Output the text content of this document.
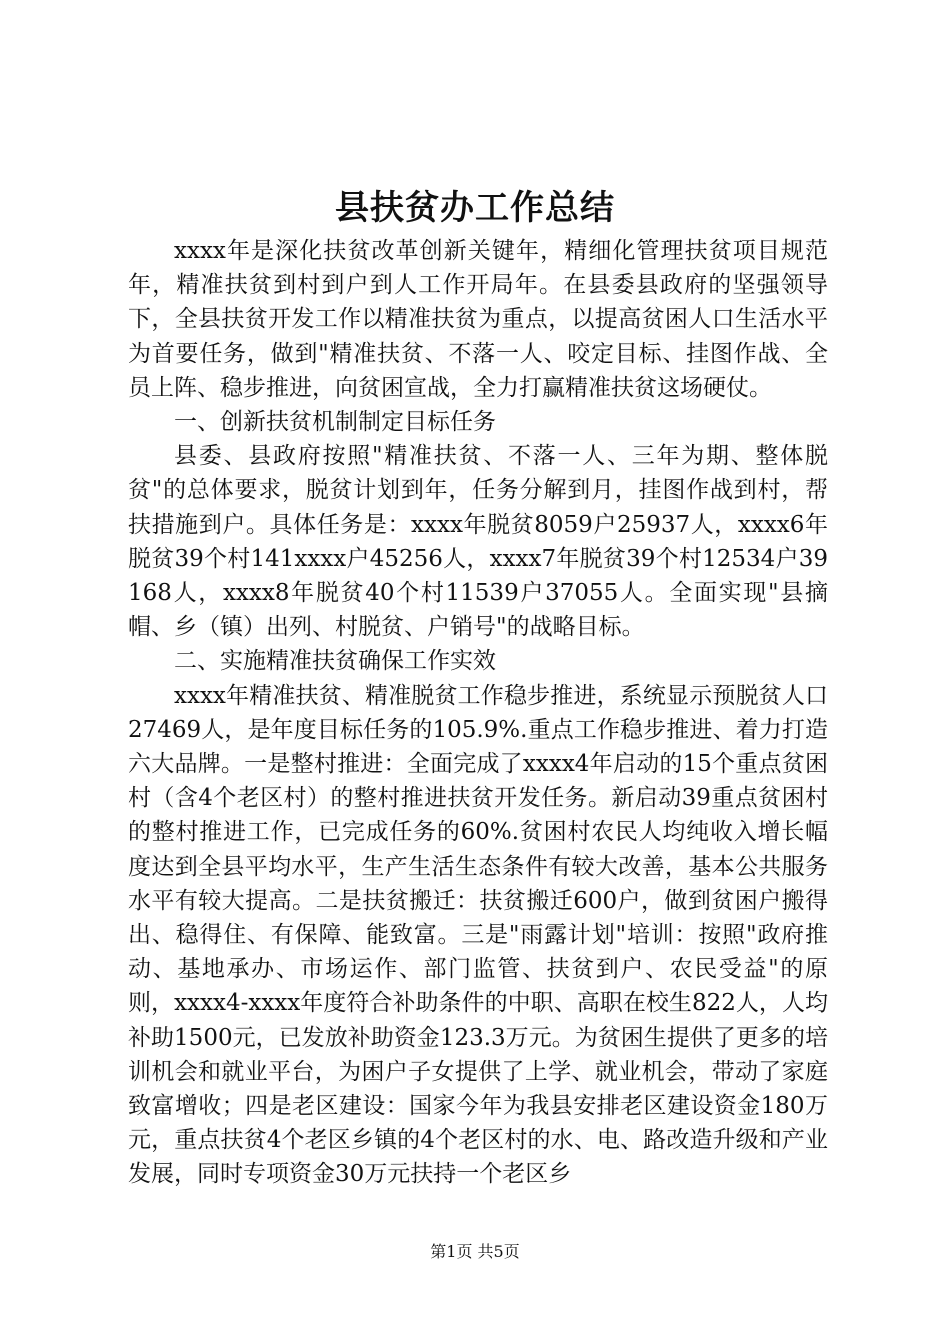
县扶贫办工作总结

xxxx年是深化扶贫改革创新关键年，精细化管理扶贫项目规范年，精准扶贫到村到户到人工作开局年。在县委县政府的坚强领导下，全县扶贫开发工作以精准扶贫为重点，以提高贫困人口生活水平为首要任务，做到"精准扶贫、不落一人、咬定目标、挂图作战、全员上阵、稳步推进，向贫困宣战，全力打赢精准扶贫这场硬仗。

一、创新扶贫机制制定目标任务

县委、县政府按照"精准扶贫、不落一人、三年为期、整体脱贫"的总体要求，脱贫计划到年，任务分解到月，挂图作战到村，帮扶措施到户。具体任务是：xxxx年脱贫8059户25937人，xxxx6年脱贫39个村141xxxx户45256人，xxxx7年脱贫39个村12534户39168人，xxxx8年脱贫40个村11539户37055人。全面实现"县摘帽、乡（镇）出列、村脱贫、户销号"的战略目标。

二、实施精准扶贫确保工作实效

xxxx年精准扶贫、精准脱贫工作稳步推进，系统显示预脱贫人口27469人，是年度目标任务的105.9%.重点工作稳步推进、着力打造六大品牌。一是整村推进：全面完成了xxxx4年启动的15个重点贫困村（含4个老区村）的整村推进扶贫开发任务。新启动39重点贫困村的整村推进工作，已完成任务的60%.贫困村农民人均纯收入增长幅度达到全县平均水平，生产生活生态条件有较大改善，基本公共服务水平有较大提高。二是扶贫搬迁：扶贫搬迁600户，做到贫困户搬得出、稳得住、有保障、能致富。三是"雨露计划"培训：按照"政府推动、基地承办、市场运作、部门监管、扶贫到户、农民受益"的原则，xxxx4-xxxx年度符合补助条件的中职、高职在校生822人，人均补助1500元，已发放补助资金123.3万元。为贫困生提供了更多的培训机会和就业平台，为困户子女提供了上学、就业机会，带动了家庭致富增收；四是老区建设：国家今年为我县安排老区建设资金180万元，重点扶贫4个老区乡镇的4个老区村的水、电、路改造升级和产业发展，同时专项资金30万元扶持一个老区乡

第1页 共5页
